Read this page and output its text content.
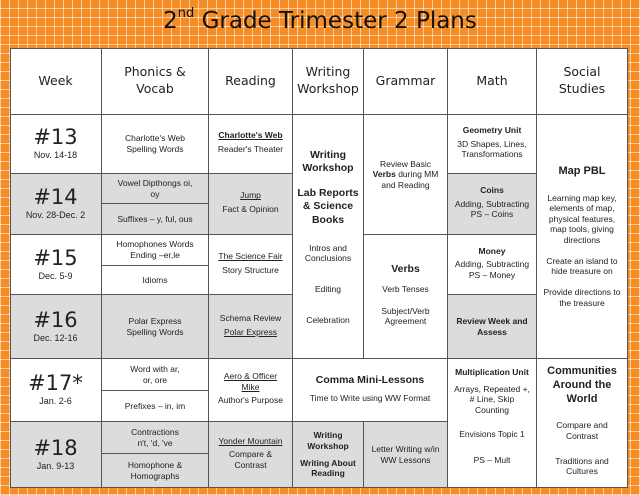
2nd Grade Trimester 2 Plans
Week
Phonics & Vocab
Reading
Writing Workshop
Grammar	Math
Social Studies
#13
Nov. 14-18
#14
Nov. 28-Dec. 2
#15
Dec. 5-9
#16
Dec. 12-16
#17*
Jan. 2-6
#18
Jan. 9-13
Charlotte's Web Spelling Words
Vowel Dipthongs oi, oy
Suffixes – y, ful, ous
Homophones Words Ending –er,le
Idioms
Polar Express Spelling Words
Word with ar, or, ore
Prefixes – in, im
Contractions n't, 'd, 've
Homophone & Homographs
Charlotte's Web
Reader's Theater
Jump
Fact & Opinion
The Science Fair
Story Structure
Schema Review
Polar Express
Aero & Officer Mike
Author's Purpose
Yonder Mountain
Compare & Contrast
Writing Workshop
Lab Reports & Science Books
Intros and Conclusions
Editing
Celebration
Review Basic Verbs during MM and Reading
Verbs
Verb Tenses
Subject/Verb Agreement
Comma Mini-Lessons
Time to Write using WW Format
Writing Workshop
Writing About Reading
Letter Writing w/in WW Lessons
Geometry Unit
3D Shapes, Lines, Transformations
Coins
Adding, Subtracting PS – Coins
Money
Adding, Subtracting PS – Money
Review Week and Assess
Multiplication Unit
Arrays, Repeated +, # Line, Skip Counting
Envisions Topic 1
PS – Mult
Map PBL
Learning map key, elements of map, physical features, map tools, giving directions
Create an island to hide treasure on
Provide directions to the treasure
Communities Around the World
Compare and Contrast
Traditions and Cultures
